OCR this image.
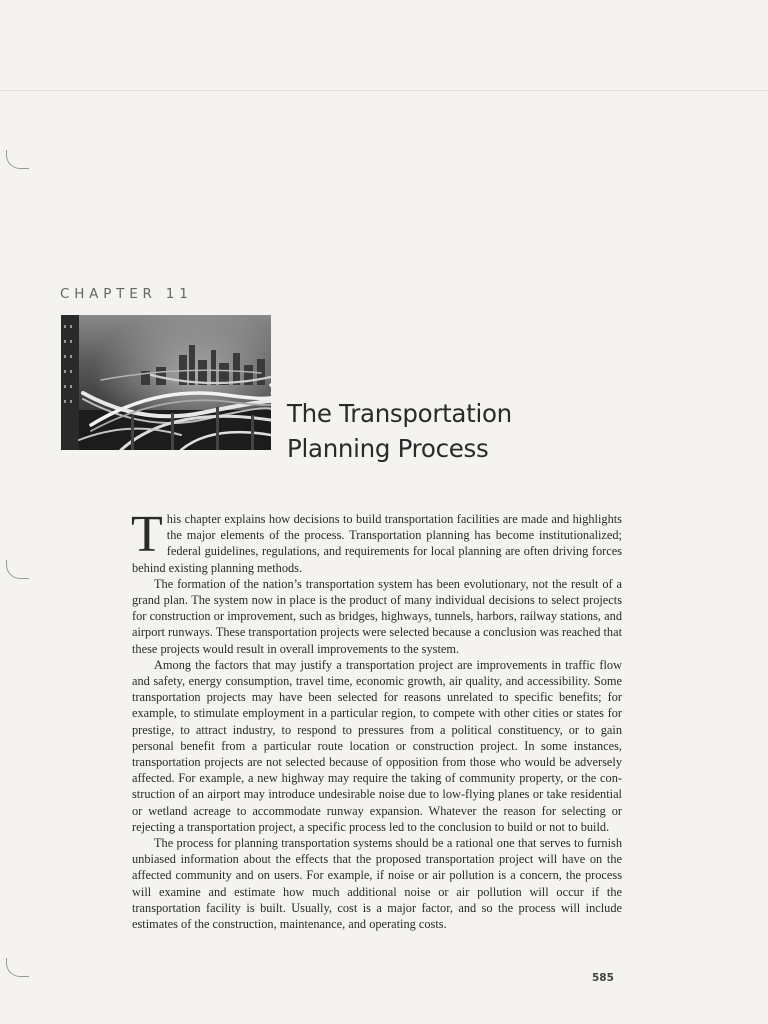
CHAPTER 11
The Transportation
Planning Process

This chapter explains how decisions to build transportation facilities are made and highlights the major elements of the process. Transportation planning has become institutionalized; federal guidelines, regulations, and requirements for local planning are often driving forces behind existing planning methods.

The formation of the nation’s transportation system has been evolutionary, not the result of a grand plan. The system now in place is the product of many individual decisions to select projects for construction or improvement, such as bridges, highways, tunnels, harbors, railway stations, and airport runways. These transportation projects were selected because a conclusion was reached that these projects would result in overall improvements to the system.

Among the factors that may justify a transportation project are improvements in traffic flow and safety, energy consumption, travel time, economic growth, air quality, and accessibility. Some transportation projects may have been selected for reasons unrelated to specific benefits; for example, to stimulate employment in a particular region, to compete with other cities or states for prestige, to attract industry, to respond to pressures from a political constituency, or to gain personal benefit from a particular route location or construction project. In some instances, transportation projects are not selected because of opposition from those who would be adversely affected. For example, a new highway may require the taking of community property, or the construction of an airport may introduce undesirable noise due to low-flying planes or take residential or wetland acreage to accommodate runway expansion. Whatever the reason for selecting or rejecting a transportation project, a specific process led to the conclusion to build or not to build.

The process for planning transportation systems should be a rational one that serves to furnish unbiased information about the effects that the proposed transportation project will have on the affected community and on users. For example, if noise or air pollution is a concern, the process will examine and estimate how much additional noise or air pollution will occur if the transportation facility is built. Usually, cost is a major factor, and so the process will include estimates of the construction, maintenance, and operating costs.

585
